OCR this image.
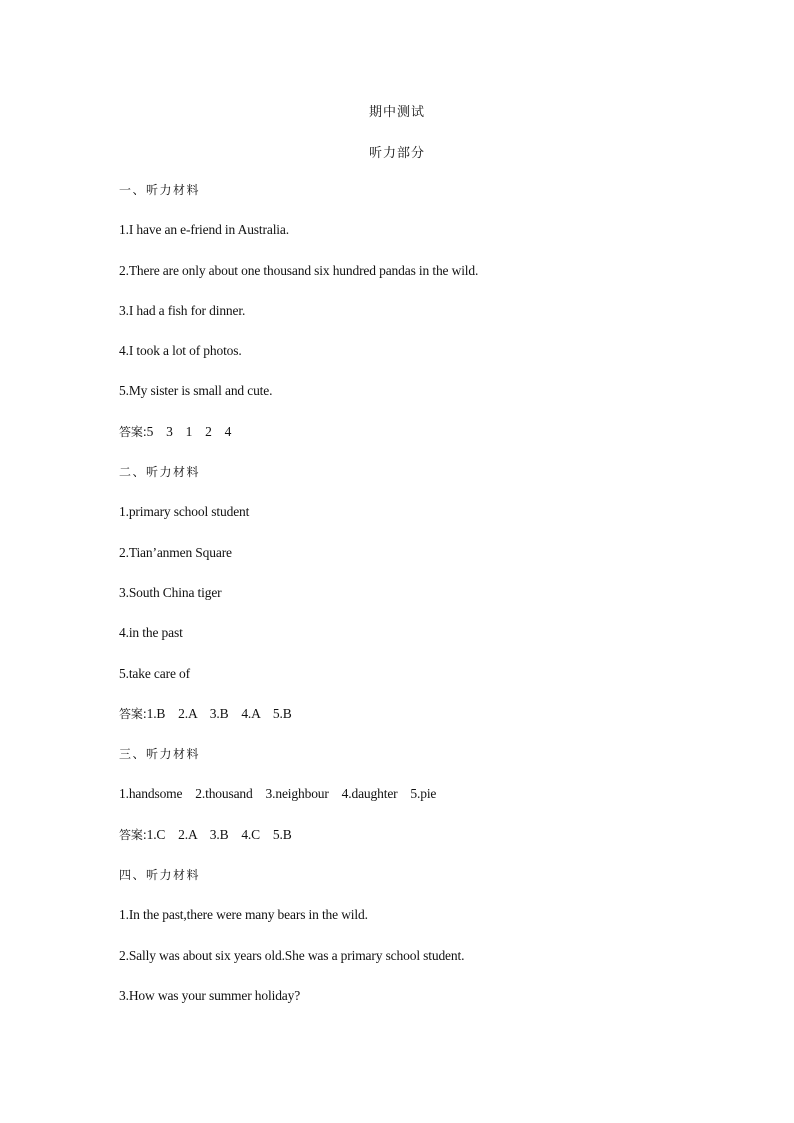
期中测试
听力部分
一、听力材料
1.I have an e-friend in Australia.
2.There are only about one thousand six hundred pandas in the wild.
3.I had a fish for dinner.
4.I took a lot of photos.
5.My sister is small and cute.
答案:5    3    1    2    4
二、听力材料
1.primary school student
2.Tian’anmen Square
3.South China tiger
4.in the past
5.take care of
答案:1.B    2.A    3.B    4.A    5.B
三、听力材料
1.handsome    2.thousand    3.neighbour    4.daughter    5.pie
答案:1.C    2.A    3.B    4.C    5.B
四、听力材料
1.In the past,there were many bears in the wild.
2.Sally was about six years old.She was a primary school student.
3.How was your summer holiday?
